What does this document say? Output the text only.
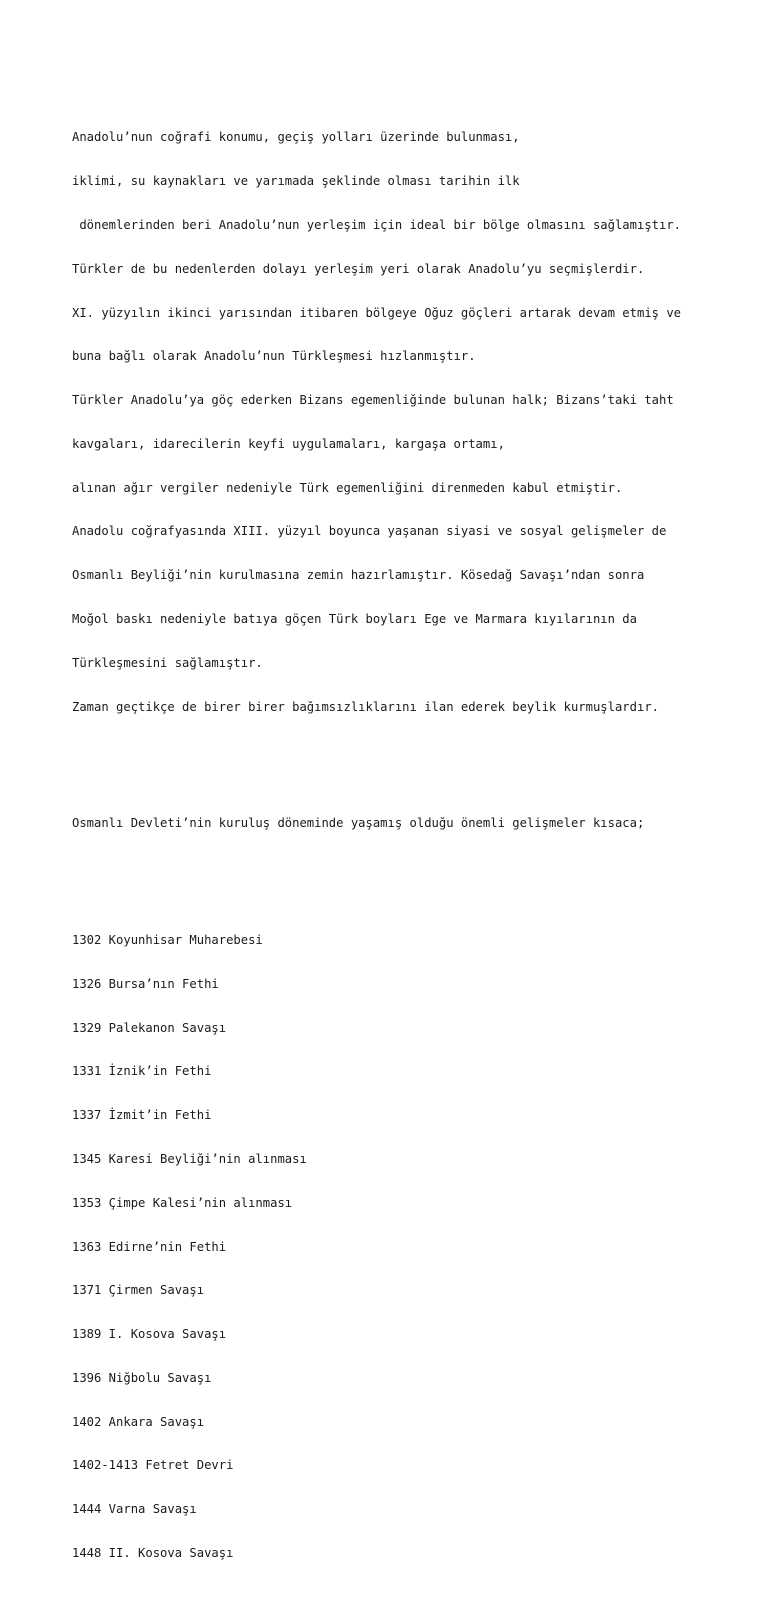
Anadolu’nun coğrafi konumu, geçiş yolları üzerinde bulunması,

iklimi, su kaynakları ve yarımada şeklinde olması tarihin ilk

dönemlerinden beri Anadolu’nun yerleşim için ideal bir bölge olmasını sağlamıştır.

Türkler de bu nedenlerden dolayı yerleşim yeri olarak Anadolu’yu seçmişlerdir.

XI. yüzyılın ikinci yarısından itibaren bölgeye Oğuz göçleri artarak devam etmiş ve

buna bağlı olarak Anadolu’nun Türkleşmesi hızlanmıştır.

Türkler Anadolu’ya göç ederken Bizans egemenliğinde bulunan halk; Bizans’taki taht

kavgaları, idarecilerin keyfi uygulamaları, kargaşa ortamı,

alınan ağır vergiler nedeniyle Türk egemenliğini direnmeden kabul etmiştir.

Anadolu coğrafyasında XIII. yüzyıl boyunca yaşanan siyasi ve sosyal gelişmeler de

Osmanlı Beyliği’nin kurulmasına zemin hazırlamıştır. Kösedağ Savaşı’ndan sonra

Moğol baskı nedeniyle batıya göçen Türk boyları Ege ve Marmara kıyılarının da

Türkleşmesini sağlamıştır.

Zaman geçtikçe de birer birer bağımsızlıklarını ilan ederek beylik kurmuşlardır.

Osmanlı Devleti’nin kuruluş döneminde yaşamış olduğu önemli gelişmeler kısaca;

1302 Koyunhisar Muharebesi

1326 Bursa’nın Fethi

1329 Palekanon Savaşı

1331 İznik’in Fethi

1337 İzmit’in Fethi

1345 Karesi Beyliği’nin alınması

1353 Çimpe Kalesi’nin alınması

1363 Edirne’nin Fethi

1371 Çirmen Savaşı

1389 I. Kosova Savaşı

1396 Niğbolu Savaşı

1402 Ankara Savaşı

1402-1413 Fetret Devri

1444 Varna Savaşı

1448 II. Kosova Savaşı
